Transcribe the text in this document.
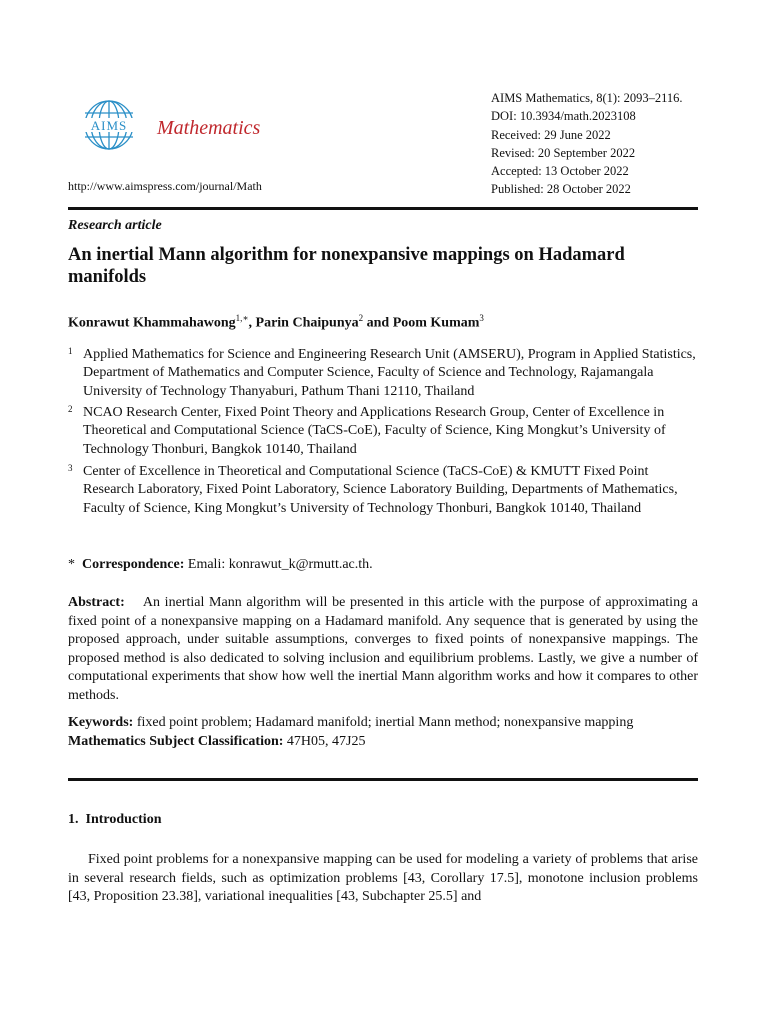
AIMS Mathematics
http://www.aimspress.com/journal/Math
AIMS Mathematics, 8(1): 2093–2116.
DOI: 10.3934/math.2023108
Received: 29 June 2022
Revised: 20 September 2022
Accepted: 13 October 2022
Published: 28 October 2022
Research article
An inertial Mann algorithm for nonexpansive mappings on Hadamard manifolds
Konrawut Khammahawong$^{1,∗}$, Parin Chaipunya$^2$ and Poom Kumam$^3$
1 Applied Mathematics for Science and Engineering Research Unit (AMSERU), Program in Applied Statistics, Department of Mathematics and Computer Science, Faculty of Science and Technology, Rajamangala University of Technology Thanyaburi, Pathum Thani 12110, Thailand
2 NCAO Research Center, Fixed Point Theory and Applications Research Group, Center of Excellence in Theoretical and Computational Science (TaCS-CoE), Faculty of Science, King Mongkut’s University of Technology Thonburi, Bangkok 10140, Thailand
3 Center of Excellence in Theoretical and Computational Science (TaCS-CoE) & KMUTT Fixed Point Research Laboratory, Fixed Point Laboratory, Science Laboratory Building, Departments of Mathematics, Faculty of Science, King Mongkut’s University of Technology Thonburi, Bangkok 10140, Thailand
* Correspondence: Emali: konrawut_k@rmutt.ac.th.
Abstract: An inertial Mann algorithm will be presented in this article with the purpose of approximating a fixed point of a nonexpansive mapping on a Hadamard manifold. Any sequence that is generated by using the proposed approach, under suitable assumptions, converges to fixed points of nonexpansive mappings. The proposed method is also dedicated to solving inclusion and equilibrium problems. Lastly, we give a number of computational experiments that show how well the inertial Mann algorithm works and how it compares to other methods.
Keywords: fixed point problem; Hadamard manifold; inertial Mann method; nonexpansive mapping
Mathematics Subject Classification: 47H05, 47J25
1.  Introduction
Fixed point problems for a nonexpansive mapping can be used for modeling a variety of problems that arise in several research fields, such as optimization problems [43, Corollary 17.5], monotone inclusion problems [43, Proposition 23.38], variational inequalities [43, Subchapter 25.5] and
